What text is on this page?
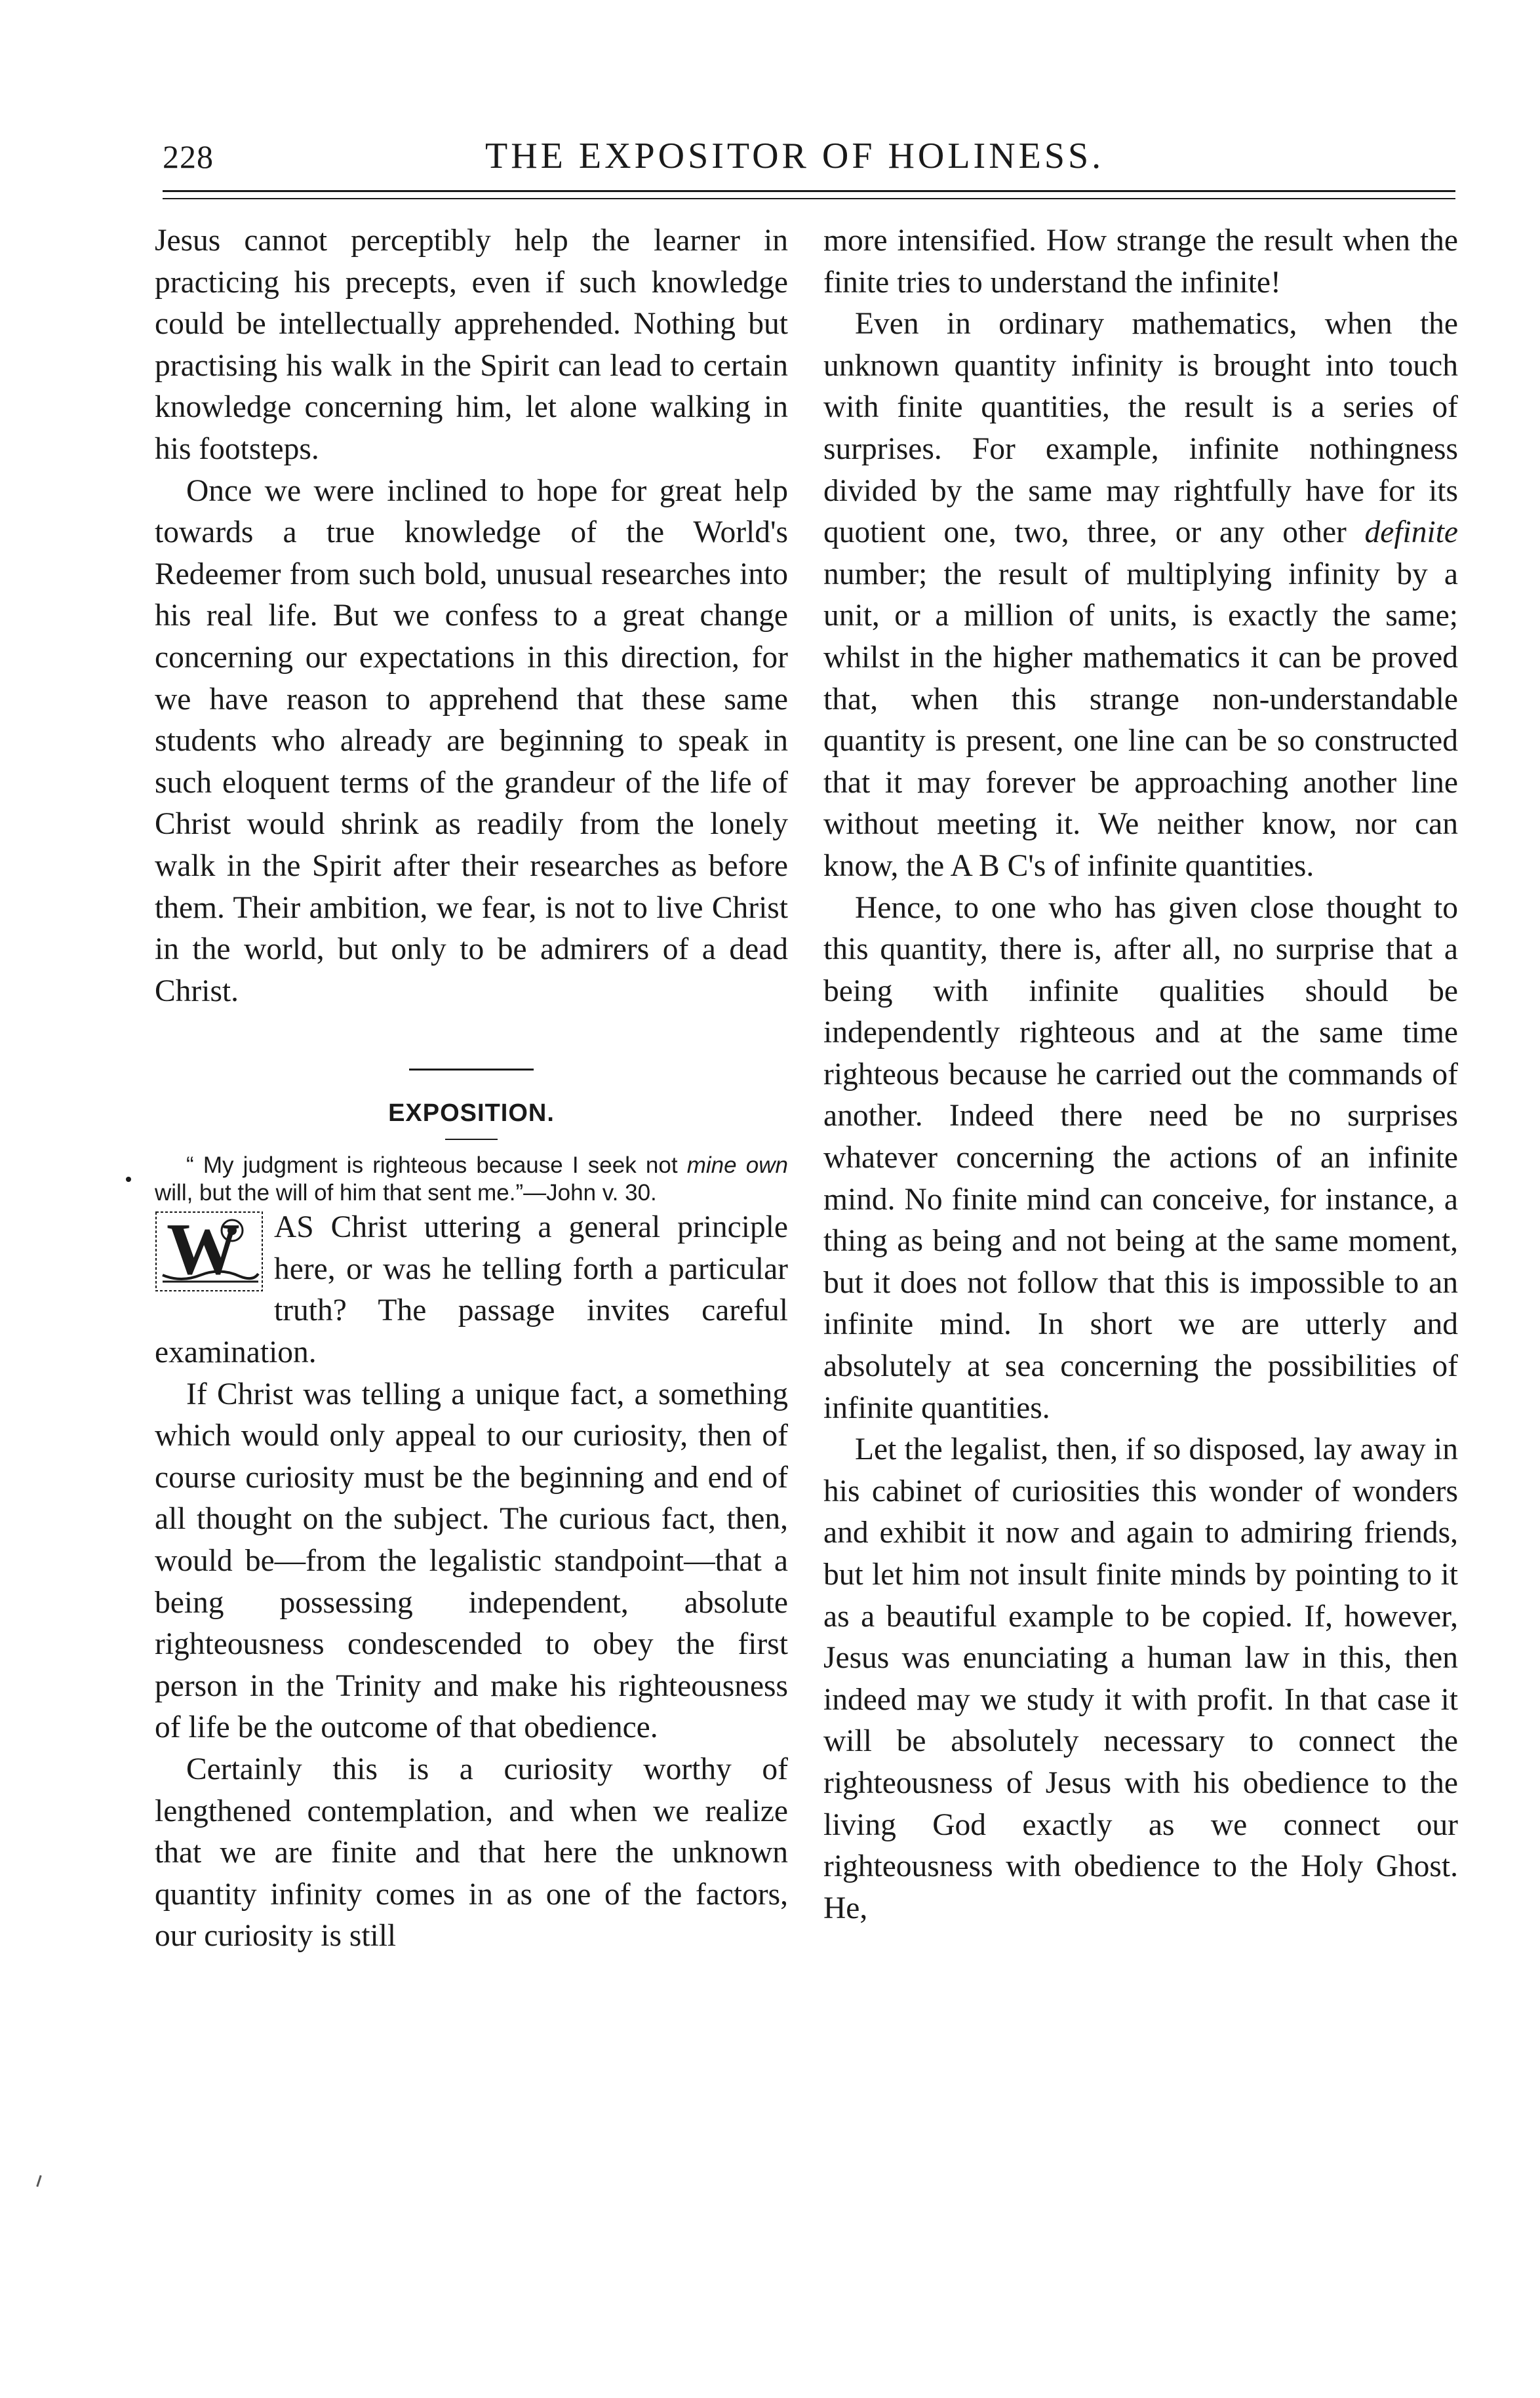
228	THE EXPOSITOR OF HOLINESS.

Jesus cannot perceptibly help the learner in practicing his precepts, even if such knowledge could be intellectually apprehended. Nothing but practising his walk in the Spirit can lead to certain knowledge concerning him, let alone walking in his footsteps.

Once we were inclined to hope for great help towards a true knowledge of the World's Redeemer from such bold, unusual researches into his real life. But we confess to a great change concerning our expectations in this direction, for we have reason to apprehend that these same students who already are beginning to speak in such eloquent terms of the grandeur of the life of Christ would shrink as readily from the lonely walk in the Spirit after their researches as before them. Their ambition, we fear, is not to live Christ in the world, but only to be admirers of a dead Christ.

EXPOSITION.

“ My judgment is righteous because I seek not mine own will, but the will of him that sent me.”—John v. 30.

W AS Christ uttering a general principle here, or was he telling forth a particular truth? The passage invites careful examination.

If Christ was telling a unique fact, a something which would only appeal to our curiosity, then of course curiosity must be the beginning and end of all thought on the subject. The curious fact, then, would be—from the legalistic standpoint—that a being possessing independent, absolute righteousness condescended to obey the first person in the Trinity and make his righteousness of life be the outcome of that obedience.

Certainly this is a curiosity worthy of lengthened contemplation, and when we realize that we are finite and that here the unknown quantity infinity comes in as one of the factors, our curiosity is still

more intensified. How strange the result when the finite tries to understand the infinite!

Even in ordinary mathematics, when the unknown quantity infinity is brought into touch with finite quantities, the result is a series of surprises. For example, infinite nothingness divided by the same may rightfully have for its quotient one, two, three, or any other definite number; the result of multiplying infinity by a unit, or a million of units, is exactly the same; whilst in the higher mathematics it can be proved that, when this strange non-understandable quantity is present, one line can be so constructed that it may forever be approaching another line without meeting it. We neither know, nor can know, the A B C's of infinite quantities.

Hence, to one who has given close thought to this quantity, there is, after all, no surprise that a being with infinite qualities should be independently righteous and at the same time righteous because he carried out the commands of another. Indeed there need be no surprises whatever concerning the actions of an infinite mind. No finite mind can conceive, for instance, a thing as being and not being at the same moment, but it does not follow that this is impossible to an infinite mind. In short we are utterly and absolutely at sea concerning the possibilities of infinite quantities.

Let the legalist, then, if so disposed, lay away in his cabinet of curiosities this wonder of wonders and exhibit it now and again to admiring friends, but let him not insult finite minds by pointing to it as a beautiful example to be copied. If, however, Jesus was enunciating a human law in this, then indeed may we study it with profit. In that case it will be absolutely necessary to connect the righteousness of Jesus with his obedience to the living God exactly as we connect our righteousness with obedience to the Holy Ghost. He,
